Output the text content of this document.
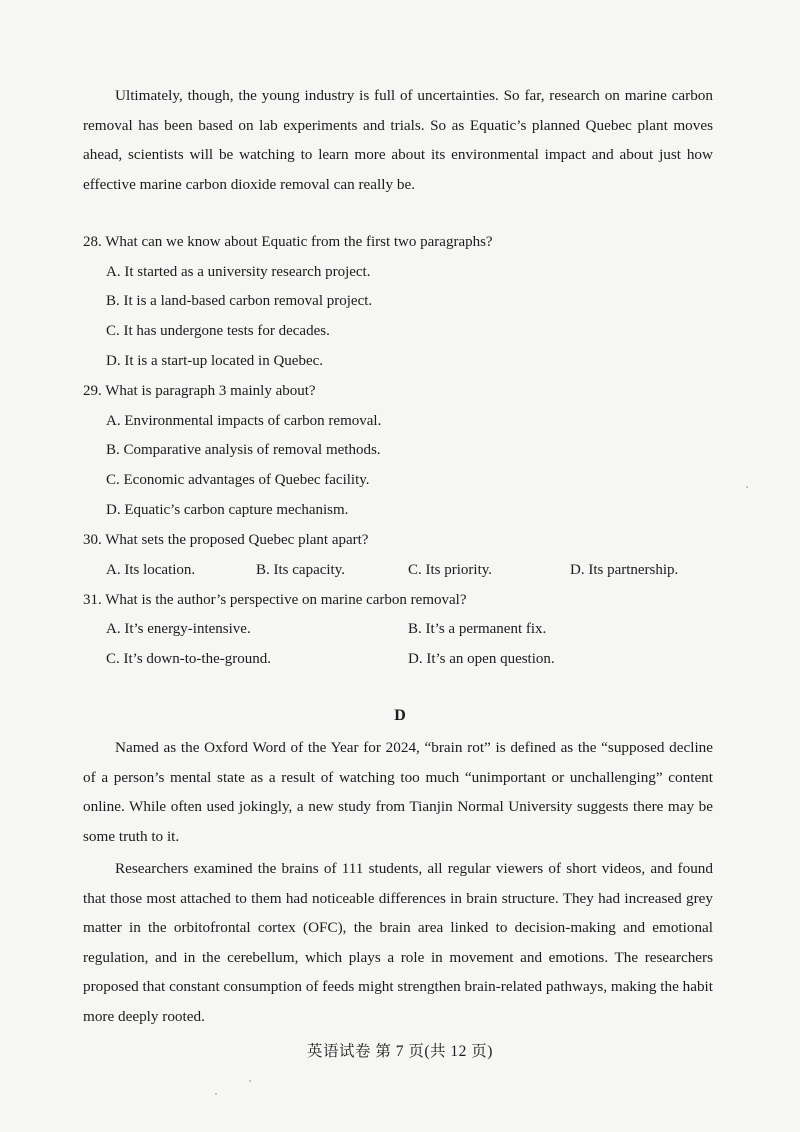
Ultimately, though, the young industry is full of uncertainties. So far, research on marine carbon removal has been based on lab experiments and trials. So as Equatic’s planned Quebec plant moves ahead, scientists will be watching to learn more about its environmental impact and about just how effective marine carbon dioxide removal can really be.

28. What can we know about Equatic from the first two paragraphs?
A. It started as a university research project.
B. It is a land-based carbon removal project.
C. It has undergone tests for decades.
D. It is a start-up located in Quebec.
29. What is paragraph 3 mainly about?
A. Environmental impacts of carbon removal.
B. Comparative analysis of removal methods.
C. Economic advantages of Quebec facility.
D. Equatic’s carbon capture mechanism.
30. What sets the proposed Quebec plant apart?
A. Its location.	B. Its capacity.	C. Its priority.	D. Its partnership.
31. What is the author’s perspective on marine carbon removal?
A. It’s energy-intensive.	B. It’s a permanent fix.
C. It’s down-to-the-ground.	D. It’s an open question.
D

Named as the Oxford Word of the Year for 2024, “brain rot” is defined as the “supposed decline of a person’s mental state as a result of watching too much “unimportant or unchallenging” content online. While often used jokingly, a new study from Tianjin Normal University suggests there may be some truth to it.

Researchers examined the brains of 111 students, all regular viewers of short videos, and found that those most attached to them had noticeable differences in brain structure. They had increased grey matter in the orbitofrontal cortex (OFC), the brain area linked to decision-making and emotional regulation, and in the cerebellum, which plays a role in movement and emotions. The researchers proposed that constant consumption of feeds might strengthen brain-related pathways, making the habit more deeply rooted.

英语试卷 第 7 页(共 12 页)
